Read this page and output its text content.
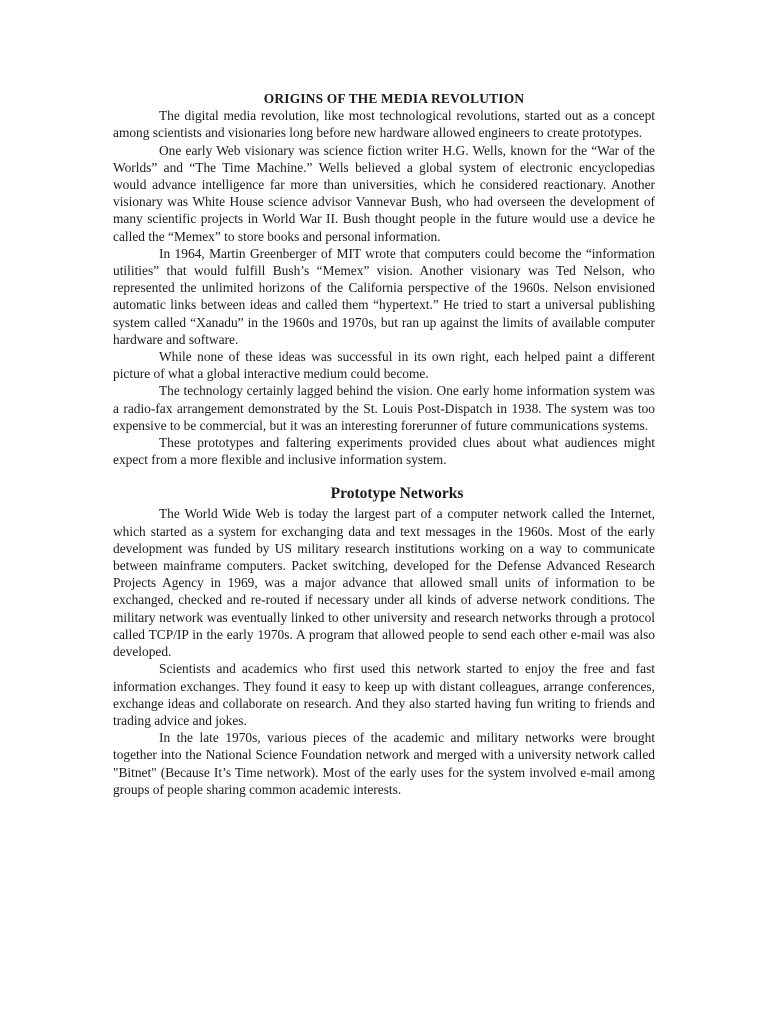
ORIGINS OF THE MEDIA REVOLUTION

The digital media revolution, like most technological revolutions, started out as a concept among scientists and visionaries long before new hardware allowed engineers to create prototypes.

One early Web visionary was science fiction writer H.G. Wells, known for the “War of the Worlds” and “The Time Machine.” Wells believed a global system of electronic encyclopedias would advance intelligence far more than universities, which he considered reactionary. Another visionary was White House science advisor Vannevar Bush, who had overseen the development of many scientific projects in World War II. Bush thought people in the future would use a device he called the “Memex” to store books and personal information.

In 1964, Martin Greenberger of MIT wrote that computers could become the “information utilities” that would fulfill Bush’s “Memex” vision. Another visionary was Ted Nelson, who represented the unlimited horizons of the California perspective of the 1960s. Nelson envisioned automatic links between ideas and called them “hypertext.” He tried to start a universal publishing system called “Xanadu” in the 1960s and 1970s, but ran up against the limits of available computer hardware and software.

While none of these ideas was successful in its own right, each helped paint a different picture of what a global interactive medium could become.

The technology certainly lagged behind the vision. One early home information system was a radio-fax arrangement demonstrated by the St. Louis Post-Dispatch in 1938. The system was too expensive to be commercial, but it was an interesting forerunner of future communications systems.

These prototypes and faltering experiments provided clues about what audiences might expect from a more flexible and inclusive information system.

Prototype Networks

The World Wide Web is today the largest part of a computer network called the Internet, which started as a system for exchanging data and text messages in the 1960s. Most of the early development was funded by US military research institutions working on a way to communicate between mainframe computers. Packet switching, developed for the Defense Advanced Research Projects Agency in 1969, was a major advance that allowed small units of information to be exchanged, checked and re-routed if necessary under all kinds of adverse network conditions. The military network was eventually linked to other university and research networks through a protocol called TCP/IP in the early 1970s. A program that allowed people to send each other e-mail was also developed.

Scientists and academics who first used this network started to enjoy the free and fast information exchanges. They found it easy to keep up with distant colleagues, arrange conferences, exchange ideas and collaborate on research. And they also started having fun writing to friends and trading advice and jokes.

In the late 1970s, various pieces of the academic and military networks were brought together into the National Science Foundation network and merged with a university network called "Bitnet" (Because It’s Time network). Most of the early uses for the system involved e-mail among groups of people sharing common academic interests.
